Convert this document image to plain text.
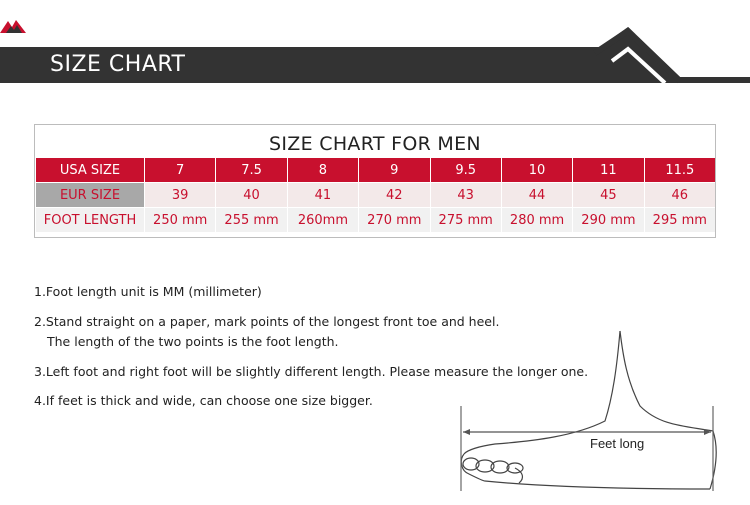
SIZE CHART
SIZE CHART FOR MEN
USA SIZE	7	7.5	8	9	9.5	10	11	11.5
EUR SIZE	39	40	41	42	43	44	45	46
FOOT LENGTH	250 mm	255 mm	260mm	270 mm	275 mm	280 mm	290 mm	295 mm
1.Foot length unit is MM (millimeter)
2.Stand straight on a paper, mark points of the longest front toe and heel.
The length of the two points is the foot length.
3.Left foot and right foot will be slightly different length. Please measure the longer one.
4.If feet is thick and wide, can choose one size bigger.
Feet long
